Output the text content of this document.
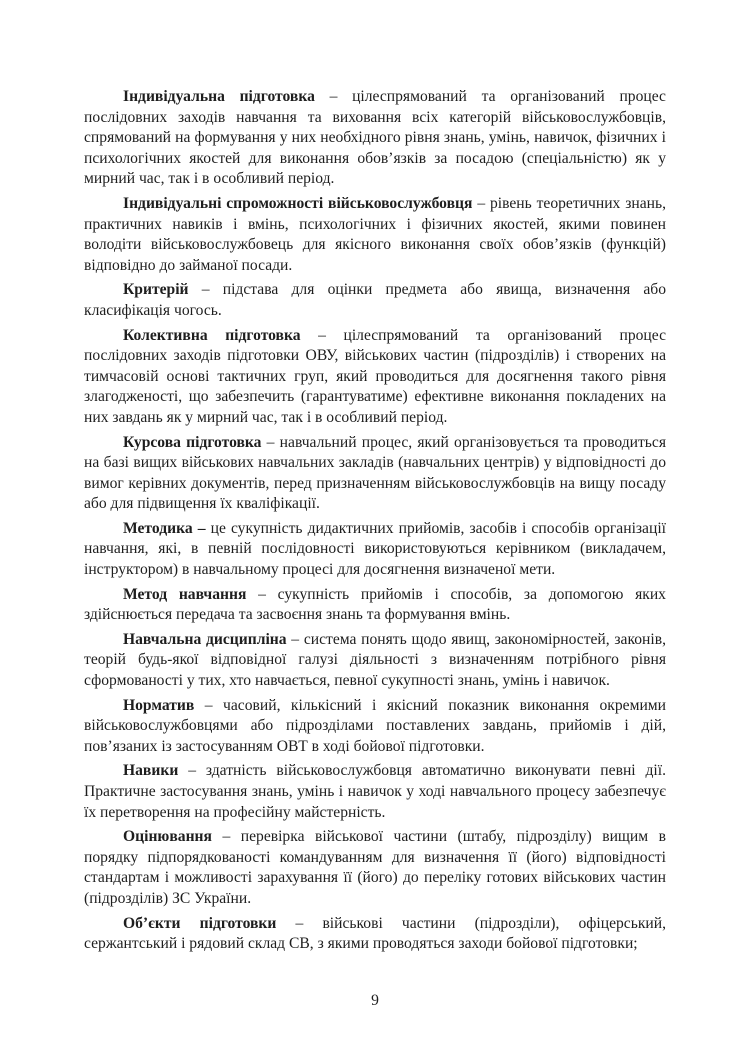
Індивідуальна підготовка – цілеспрямований та організований процес послідовних заходів навчання та виховання всіх категорій військовослужбовців, спрямований на формування у них необхідного рівня знань, умінь, навичок, фізичних і психологічних якостей для виконання обов’язків за посадою (спеціальністю) як у мирний час, так і в особливий період.

Індивідуальні спроможності військовослужбовця – рівень теоретичних знань, практичних навиків і вмінь, психологічних і фізичних якостей, якими повинен володіти військовослужбовець для якісного виконання своїх обов’язків (функцій) відповідно до займаної посади.

Критерій – підстава для оцінки предмета або явища, визначення або класифікація чогось.

Колективна підготовка – цілеспрямований та організований процес послідовних заходів підготовки ОВУ, військових частин (підрозділів) і створених на тимчасовій основі тактичних груп, який проводиться для досягнення такого рівня злагодженості, що забезпечить (гарантуватиме) ефективне виконання покладених на них завдань як у мирний час, так і в особливий період.

Курсова підготовка – навчальний процес, який організовується та проводиться на базі вищих військових навчальних закладів (навчальних центрів) у відповідності до вимог керівних документів, перед призначенням військовослужбовців на вищу посаду або для підвищення їх кваліфікації.

Методика – це сукупність дидактичних прийомів, засобів і способів організації навчання, які, в певній послідовності використовуються керівником (викладачем, інструктором) в навчальному процесі для досягнення визначеної мети.

Метод навчання – сукупність прийомів і способів, за допомогою яких здійснюється передача та засвоєння знань та формування вмінь.

Навчальна дисципліна – система понять щодо явищ, закономірностей, законів, теорій будь-якої відповідної галузі діяльності з визначенням потрібного рівня сформованості у тих, хто навчається, певної сукупності знань, умінь і навичок.

Норматив – часовий, кількісний і якісний показник виконання окремими військовослужбовцями або підрозділами поставлених завдань, прийомів і дій, пов’язаних із застосуванням ОВТ в ході бойової підготовки.

Навики – здатність військовослужбовця автоматично виконувати певні дії. Практичне застосування знань, умінь і навичок у ході навчального процесу забезпечує їх перетворення на професійну майстерність.

Оцінювання – перевірка військової частини (штабу, підрозділу) вищим в порядку підпорядкованості командуванням для визначення її (його) відповідності стандартам і можливості зарахування її (його) до переліку готових військових частин (підрозділів) ЗС України.

Об’єкти підготовки – військові частини (підрозділи), офіцерський, сержантський і рядовий склад СВ, з якими проводяться заходи бойової підготовки;

9
